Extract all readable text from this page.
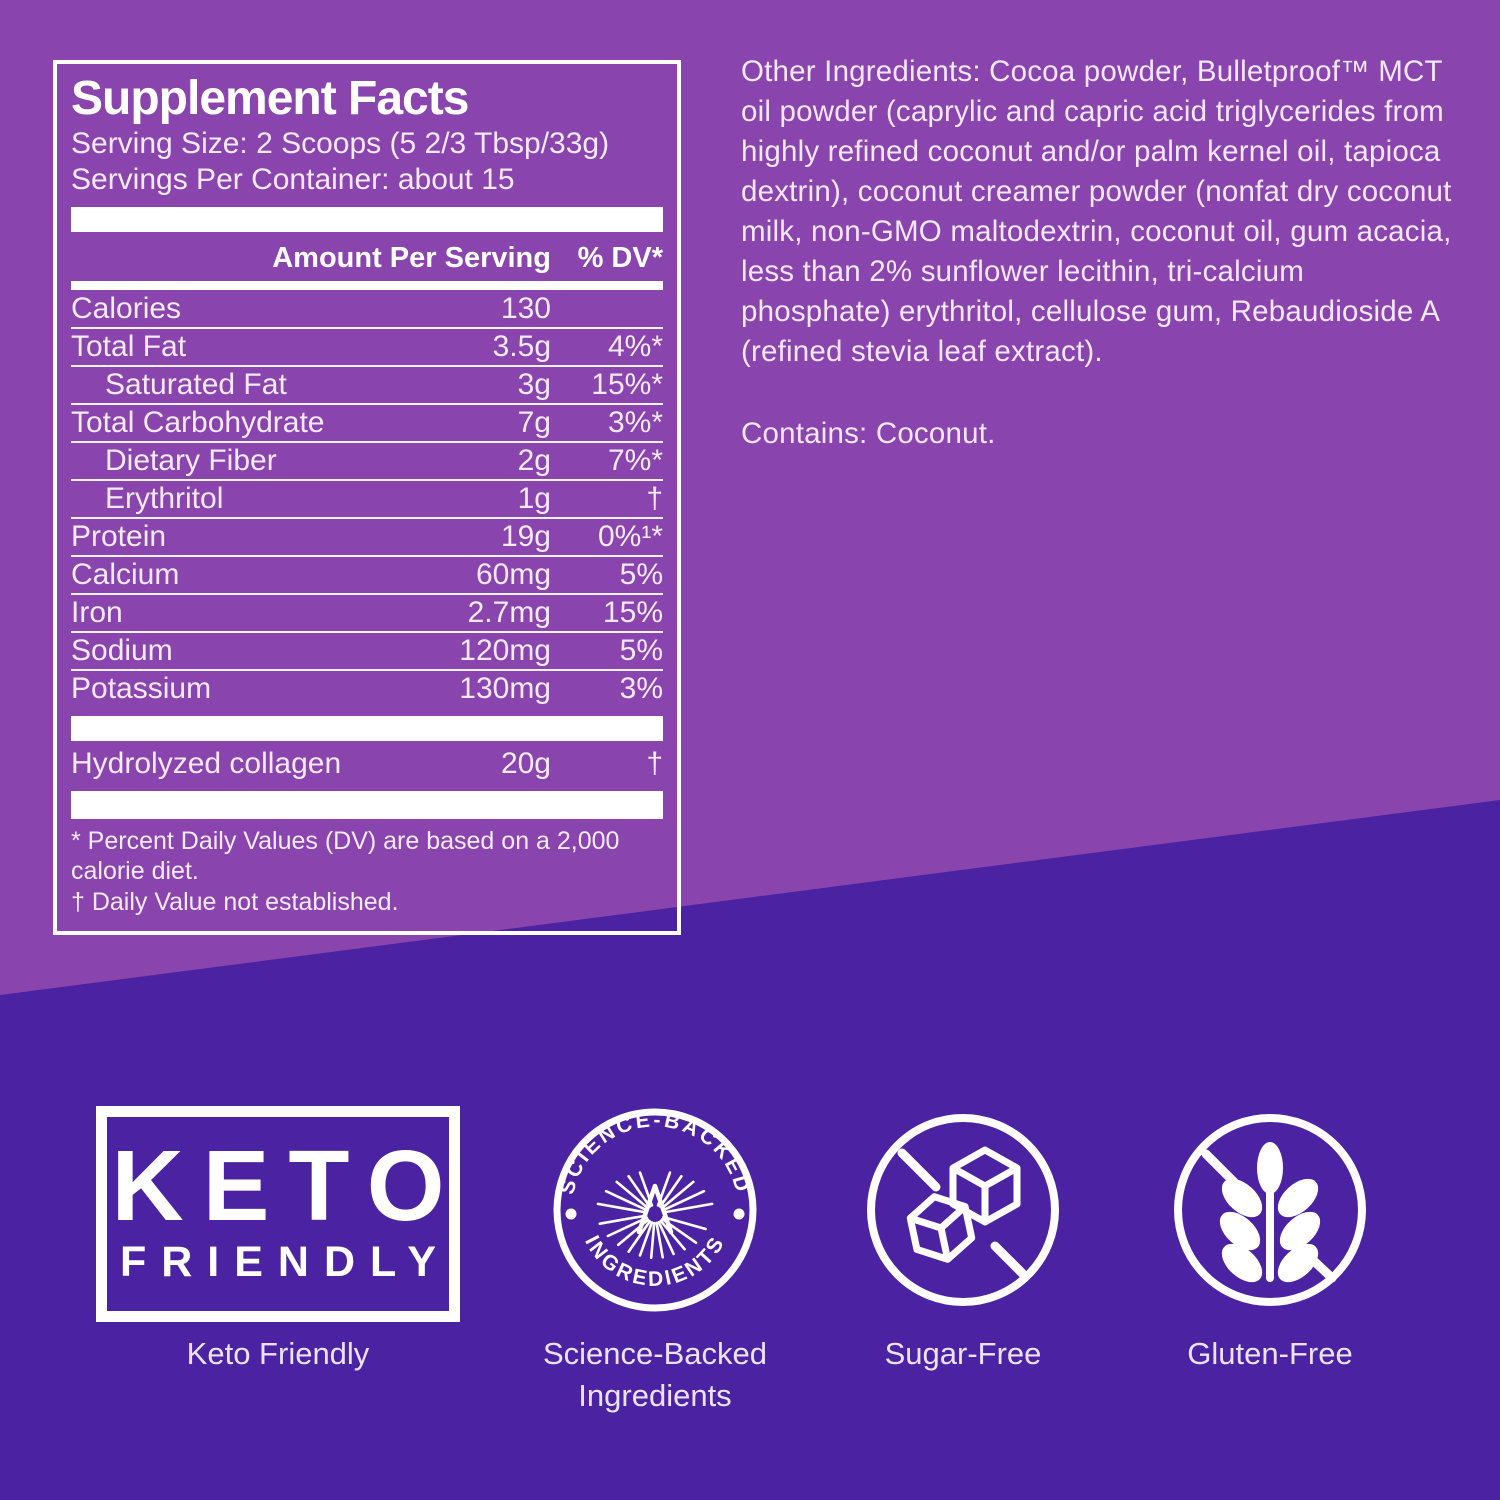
Supplement Facts

Serving Size: 2 Scoops (5 2/3 Tbsp/33g)

Servings Per Container: about 15

Amount Per Serving % DV*
Calories	130
Total Fat	3.5g	4%*
Saturated Fat	3g	15%*
Total Carbohydrate	7g	3%*
Dietary Fiber	2g	7%*
Erythritol	1g	†
Protein	19g	0%¹*
Calcium	60mg	5%
Iron	2.7mg	15%
Sodium	120mg	5%
Potassium	130mg	3%
Hydrolyzed collagen	20g	†

* Percent Daily Values (DV) are based on a 2,000 calorie diet.

† Daily Value not established.

Other Ingredients: Cocoa powder, Bulletproof™ MCT oil powder (caprylic and capric acid triglycerides from highly refined coconut and/or palm kernel oil, tapioca dextrin), coconut creamer powder (nonfat dry coconut milk, non-GMO maltodextrin, coconut oil, gum acacia, less than 2% sunflower lecithin, tri-calcium phosphate) erythritol, cellulose gum, Rebaudioside A (refined stevia leaf extract).

Contains: Coconut.

KETO
FRIENDLY
Keto Friendly
SCIENCE-BACKED
INGREDIENTS
Science-Backed Ingredients
Sugar-Free	Gluten-Free
